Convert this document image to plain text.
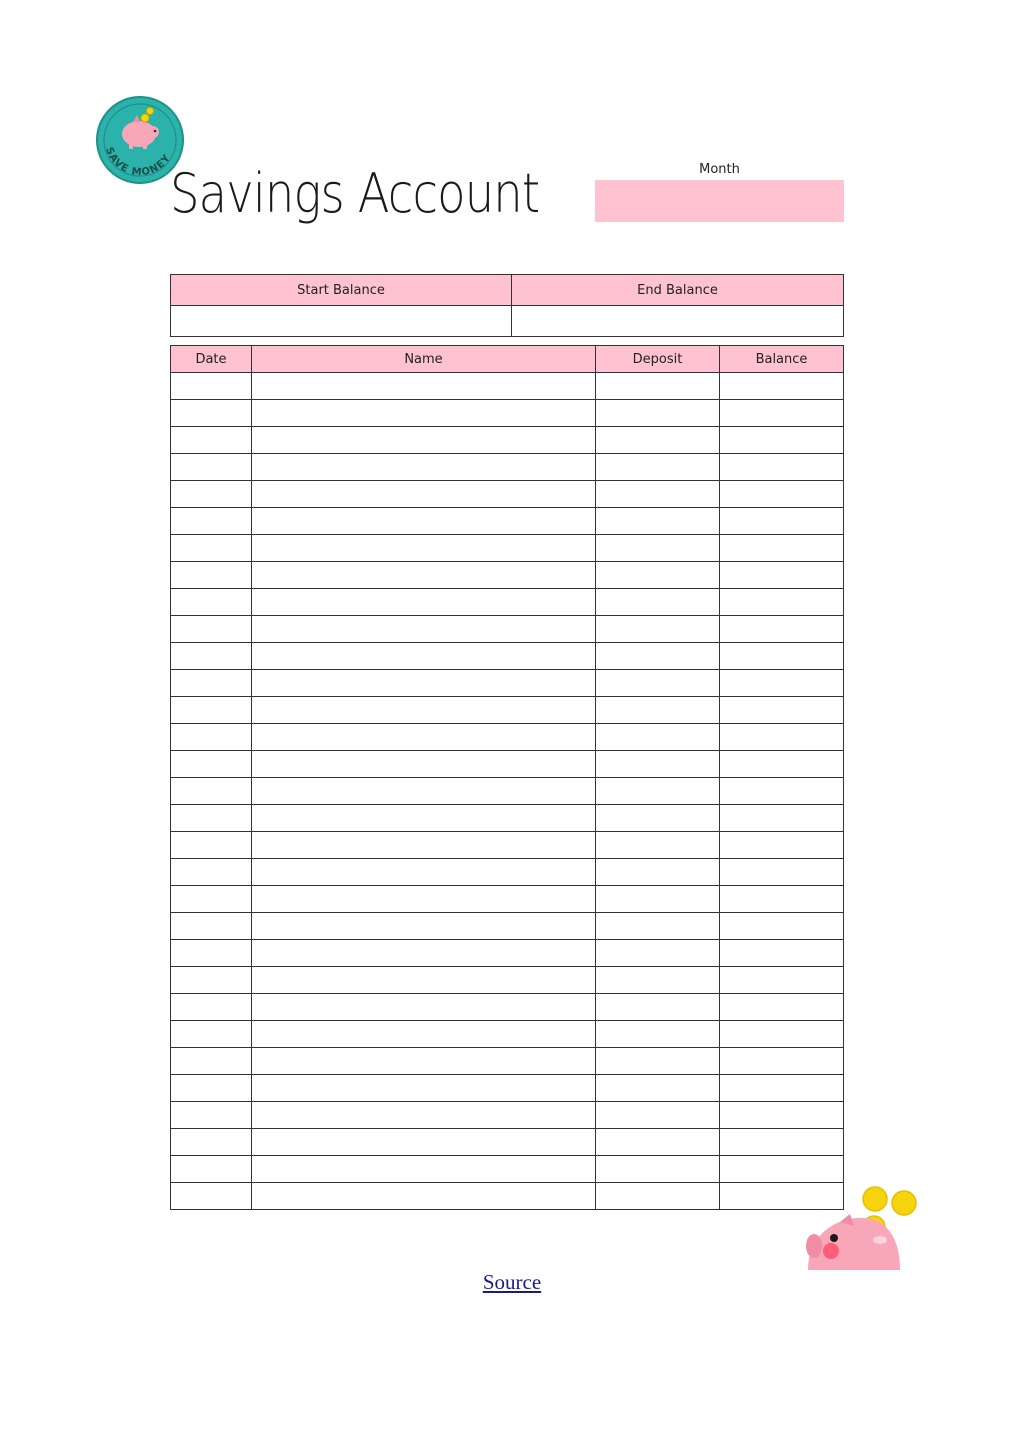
SAVE MONEY
Savings Account	Month
Start Balance	End Balance

Date	Name	Deposit	Balance

Source
